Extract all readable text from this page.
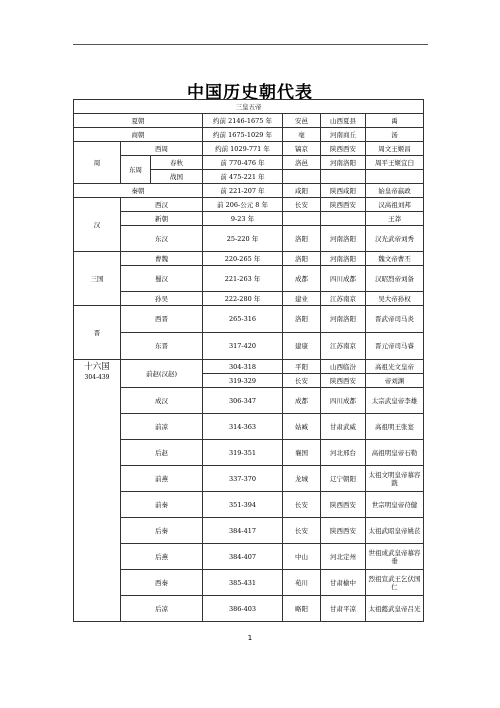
中国历史朝代表
三皇五帝						
夏朝			约前 2146-1675 年	安邑	山西夏县	禹
商朝			约前 1675-1029 年	亳	河南商丘	汤
周	西周		约前 1029-771 年	镐京	陕西西安	周文王姬昌
	东周	春秋	前 770-476 年	洛邑	河南洛阳	周平王姬宜臼

		战国	前 475-221 年			
秦朝			前 221-207 年	咸阳	陕西咸阳	始皇帝嬴政
汉	西汉		前 206-公元 8 年	长安	陕西西安	汉高祖刘邦
	新朝		9-23 年			王莽
	东汉		25-220 年	洛阳	河南洛阳	汉光武帝刘秀
三国	曹魏		220-265 年	洛阳	河南洛阳	魏文帝曹丕
	蜀汉		221-263 年	成都	四川成都	汉昭烈帝刘备
	孙吴		222-280 年	建业	江苏南京	吴大帝孙权
晋	西晋		265-316	洛阳	河南洛阳	晋武帝司马炎
	东晋		317-420	建康	江苏南京	晋元帝司马睿

十六国
304-439	前赵(汉赵)		304-318	平阳	山西临汾	高祖光文皇帝
			319-329	长安	陕西西安	帝刘渊
	成汉		306-347	成都	四川成都	太宗武皇帝李雄
	前凉		314-363	姑臧	甘肃武威	高祖明王张寔
	后赵		319-351	襄国	河北邢台	高祖明皇帝石勒
	前燕		337-370	龙城	辽宁朝阳	太祖文明皇帝慕容皝
	前秦		351-394	长安	陕西西安	世宗明皇帝苻健
	后秦		384-417	长安	陕西西安	太祖武昭皇帝姚苌
	后燕		384-407	中山	河北定州	世祖成武皇帝慕容垂
	西秦		385-431	苑川	甘肃榆中	烈祖宣武王乞伏国仁
	后凉		386-403	略阳	甘肃平凉	太祖懿武皇帝吕光
1
